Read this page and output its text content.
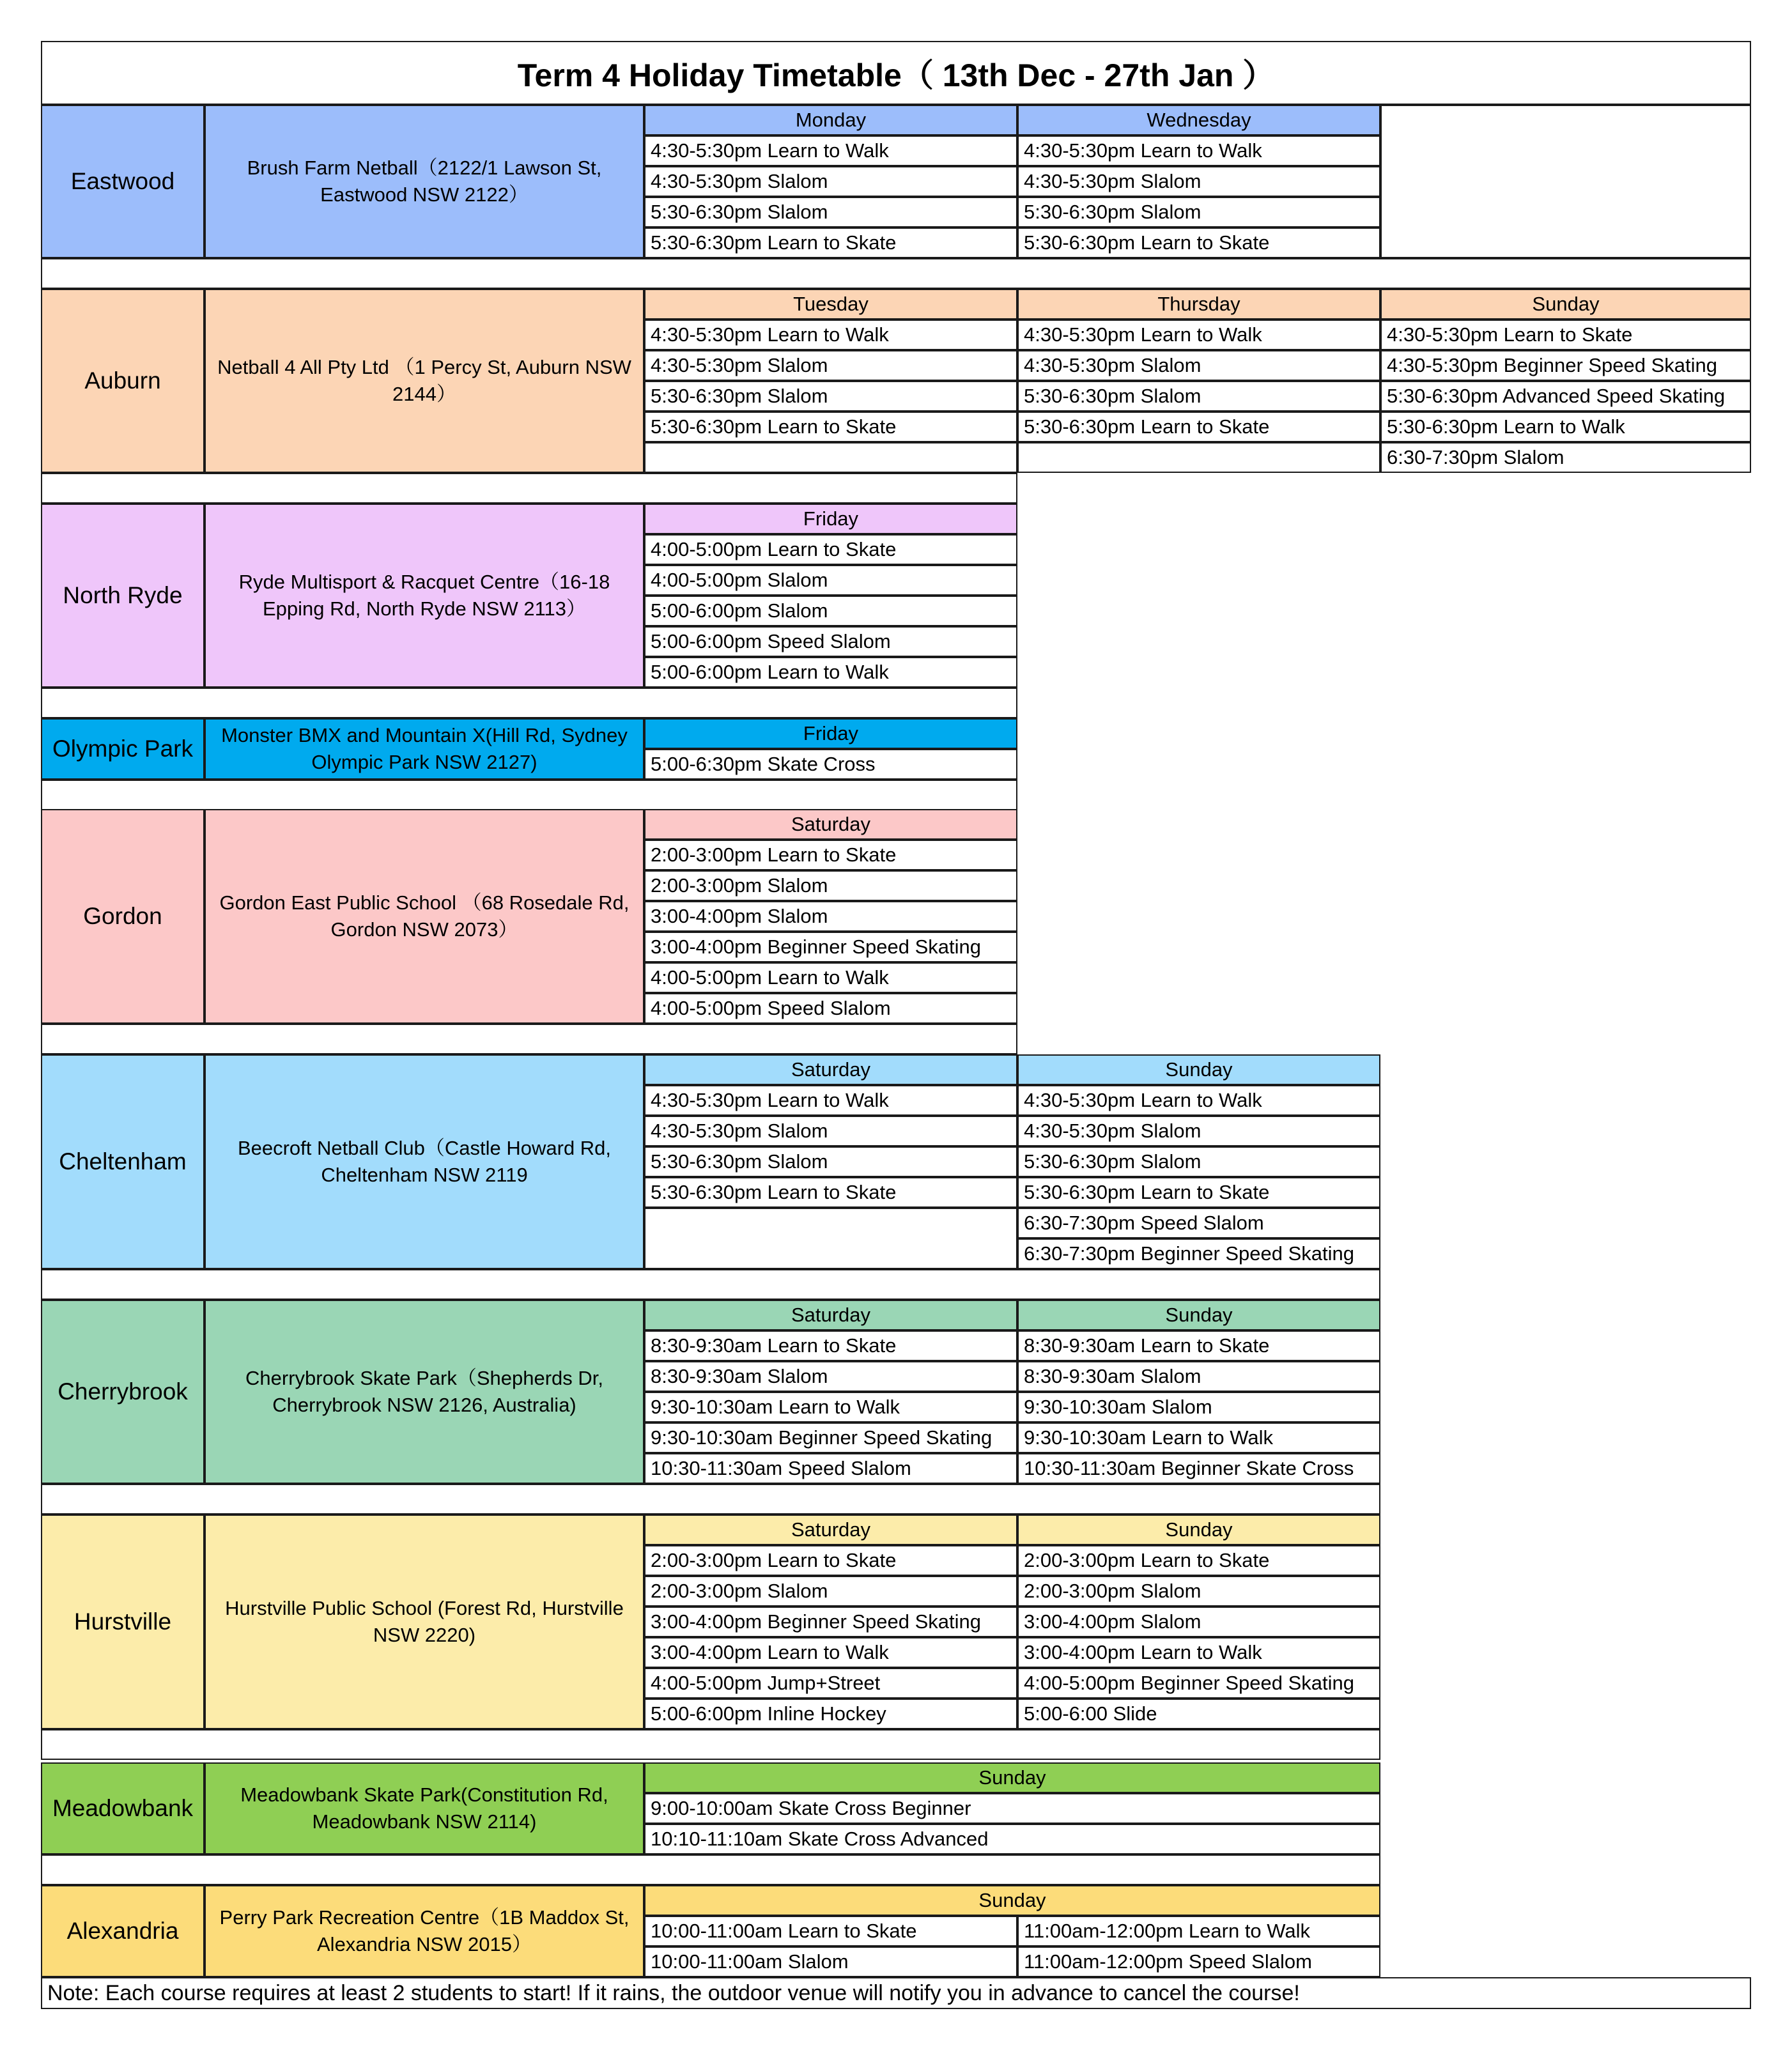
Term 4 Holiday Timetable（ 13th Dec - 27th Jan ）
Note: Each course requires at least 2 students to start! If it rains, the outdoor venue will notify you in advance to cancel the course!
Eastwood
Brush Farm Netball（2122/1 Lawson St, Eastwood NSW 2122）
Monday
4:30-5:30pm Learn to Walk
4:30-5:30pm Slalom
5:30-6:30pm Slalom
5:30-6:30pm Learn to Skate
Wednesday
4:30-5:30pm Learn to Walk
4:30-5:30pm Slalom
5:30-6:30pm Slalom
5:30-6:30pm Learn to Skate
Auburn
Netball 4 All Pty Ltd （1 Percy St, Auburn NSW 2144）
Tuesday
4:30-5:30pm Learn to Walk
4:30-5:30pm Slalom
5:30-6:30pm Slalom
5:30-6:30pm Learn to Skate
Thursday
4:30-5:30pm Learn to Walk
4:30-5:30pm Slalom
5:30-6:30pm Slalom
5:30-6:30pm Learn to Skate
Sunday
4:30-5:30pm Learn to Skate
4:30-5:30pm Beginner Speed Skating
5:30-6:30pm Advanced Speed Skating
5:30-6:30pm Learn to Walk
6:30-7:30pm Slalom
North Ryde
Ryde Multisport & Racquet Centre（16-18 Epping Rd, North Ryde NSW 2113）
Friday
4:00-5:00pm Learn to Skate
4:00-5:00pm Slalom
5:00-6:00pm Slalom
5:00-6:00pm Speed Slalom
5:00-6:00pm Learn to Walk
Olympic Park
Monster BMX and Mountain X(Hill Rd, Sydney Olympic Park NSW 2127)
Friday
5:00-6:30pm Skate Cross
Gordon
Gordon East Public School （68 Rosedale Rd, Gordon NSW 2073）
Saturday
2:00-3:00pm Learn to Skate
2:00-3:00pm Slalom
3:00-4:00pm Slalom
3:00-4:00pm Beginner Speed Skating
4:00-5:00pm Learn to Walk
4:00-5:00pm Speed Slalom
Cheltenham
Beecroft Netball Club（Castle Howard Rd, Cheltenham NSW 2119
Saturday
4:30-5:30pm Learn to Walk
4:30-5:30pm Slalom
5:30-6:30pm Slalom
5:30-6:30pm Learn to Skate
Sunday
4:30-5:30pm Learn to Walk
4:30-5:30pm Slalom
5:30-6:30pm Slalom
5:30-6:30pm Learn to Skate
6:30-7:30pm Speed Slalom
6:30-7:30pm Beginner Speed Skating
Cherrybrook
Cherrybrook Skate Park（Shepherds Dr, Cherrybrook NSW 2126, Australia)
Saturday
8:30-9:30am Learn to Skate
8:30-9:30am Slalom
9:30-10:30am Learn to Walk
9:30-10:30am Beginner Speed Skating
10:30-11:30am Speed Slalom
Sunday
8:30-9:30am Learn to Skate
8:30-9:30am Slalom
9:30-10:30am Slalom
9:30-10:30am Learn to Walk
10:30-11:30am Beginner Skate Cross
Hurstville
Hurstville Public School (Forest Rd, Hurstville NSW 2220)
Saturday
2:00-3:00pm Learn to Skate
2:00-3:00pm Slalom
3:00-4:00pm Beginner Speed Skating
3:00-4:00pm Learn to Walk
4:00-5:00pm Jump+Street
5:00-6:00pm Inline Hockey
Sunday
2:00-3:00pm Learn to Skate
2:00-3:00pm Slalom
3:00-4:00pm Slalom
3:00-4:00pm Learn to Walk
4:00-5:00pm Beginner Speed Skating
5:00-6:00 Slide
Meadowbank
Meadowbank Skate Park(Constitution Rd, Meadowbank NSW 2114)
Sunday
9:00-10:00am Skate Cross Beginner
10:10-11:10am Skate Cross Advanced
Alexandria
Perry Park Recreation Centre（1B Maddox St, Alexandria NSW 2015）
Sunday
10:00-11:00am Learn to Skate	11:00am-12:00pm Learn to Walk
10:00-11:00am Slalom	11:00am-12:00pm Speed Slalom
